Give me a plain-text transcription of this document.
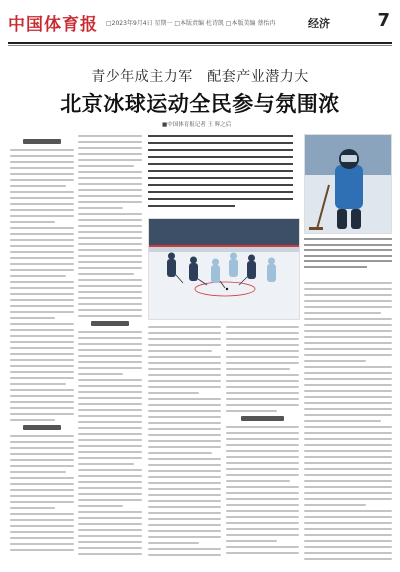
中国体育报 □2023年9月4日 星期一 □本版责编 杜诗凯 □本版美编 蔡怡冉	经济	7
青少年成主力军　配套产业潜力大
北京冰球运动全民参与氛围浓
■中国体育报记者 王 辉之后
